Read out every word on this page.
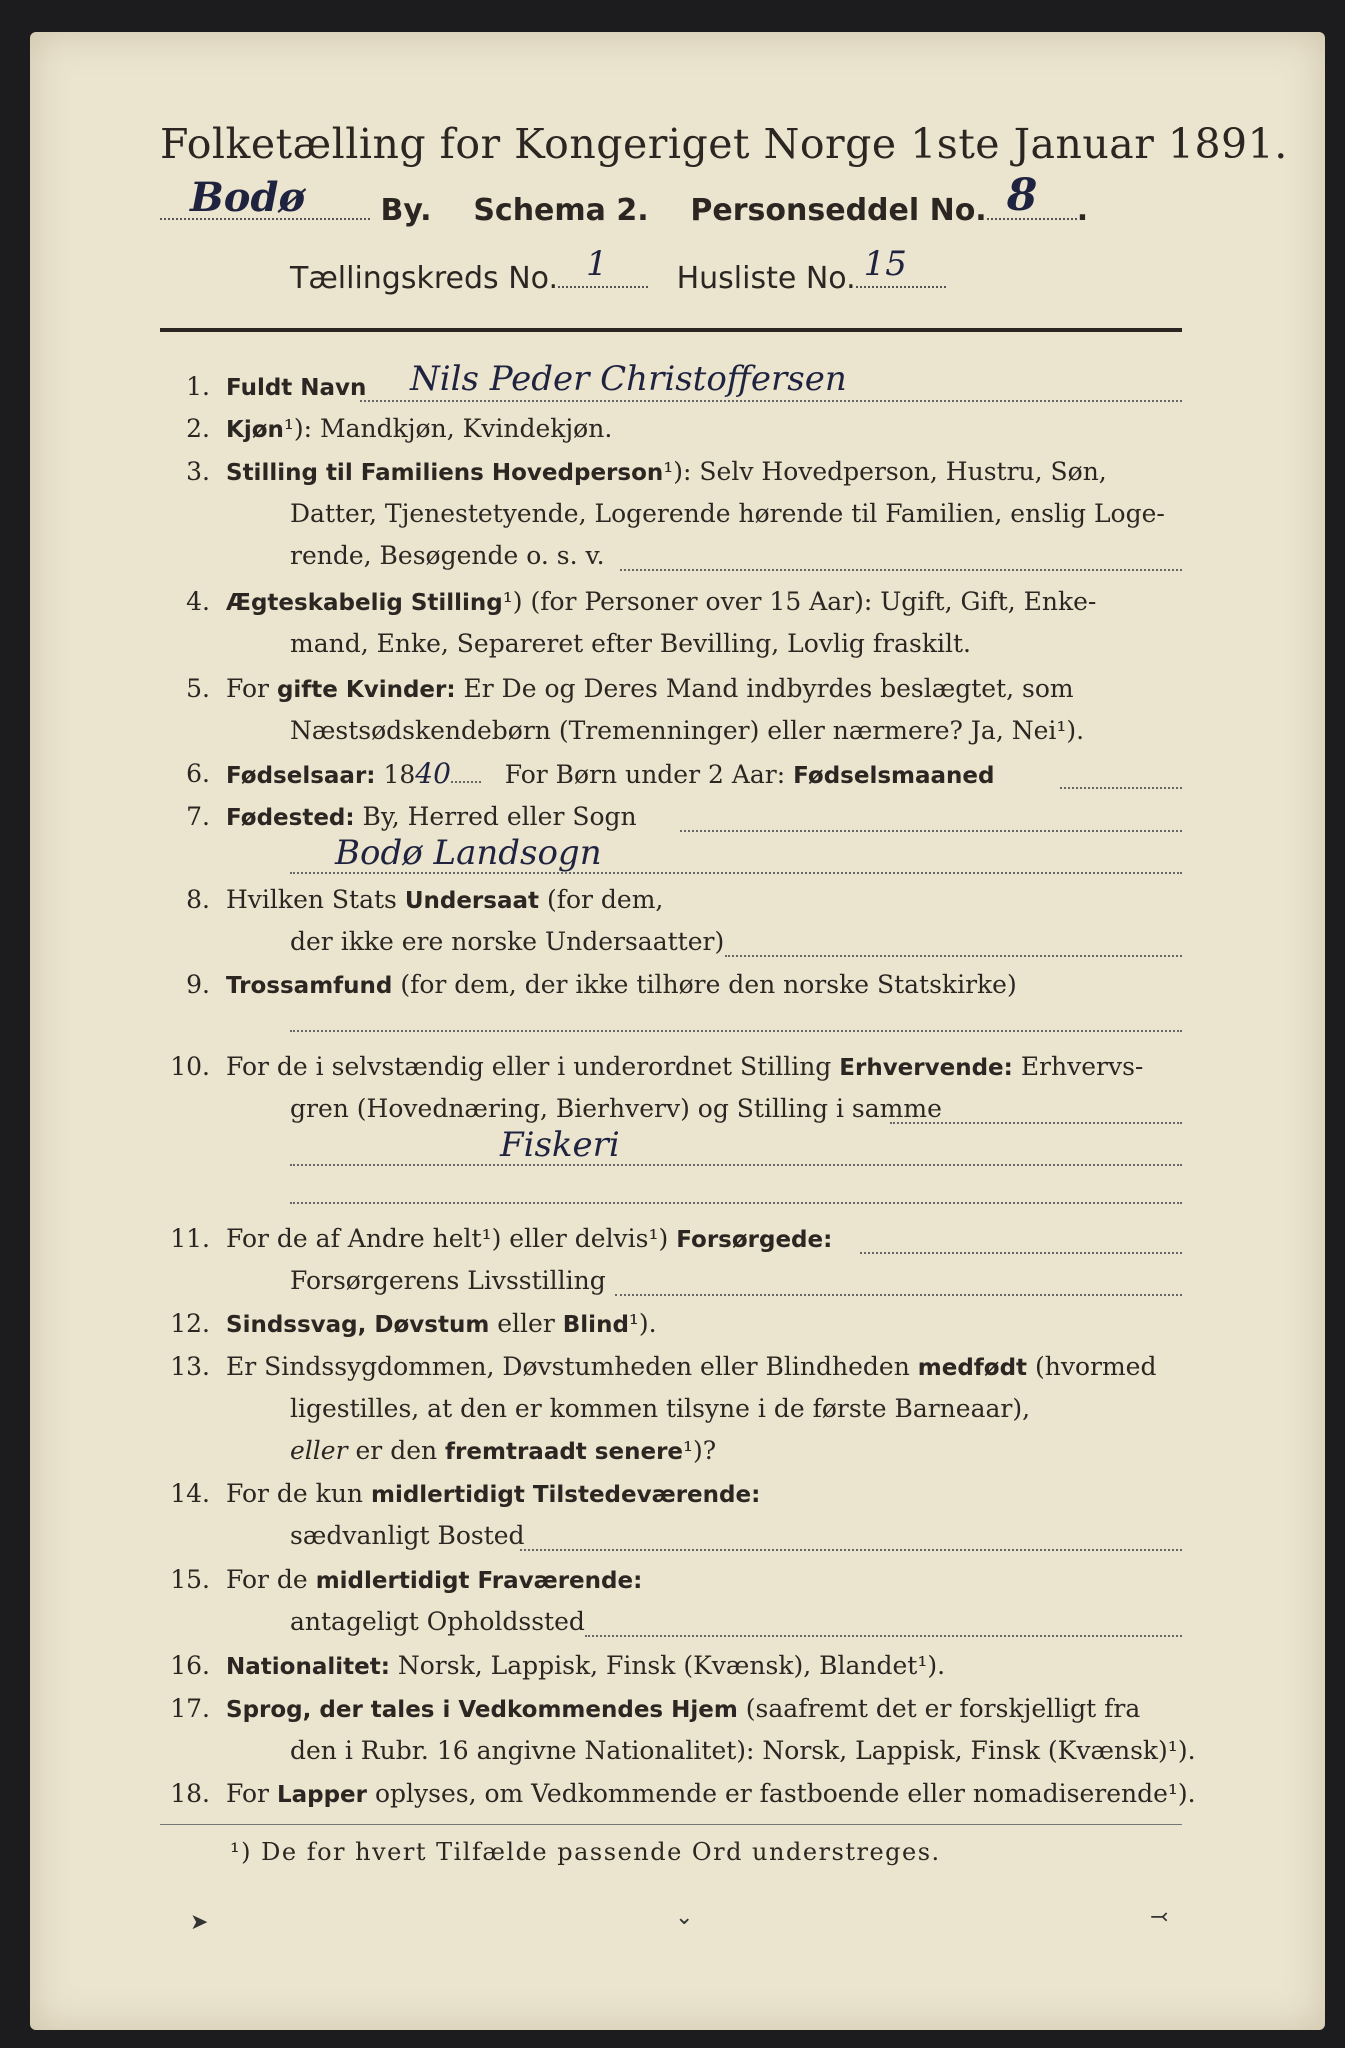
Folketælling for Kongeriget Norge 1ste Januar 1891.
Bodø	By. Schema 2. Personseddel No. 8 .
Tællingskreds No. 1 Husliste No. 15
1. Fuldt Navn Nils Peder Christoffersen
2. Kjøn¹): Mandkjøn, Kvindekjøn.
3. Stilling til Familiens Hovedperson¹): Selv Hovedperson, Hustru, Søn,
Datter, Tjenestetyende, Logerende hørende til Familien, enslig Loge-
rende, Besøgende o. s. v.
4. Ægteskabelig Stilling¹) (for Personer over 15 Aar): Ugift, Gift, Enke-
mand, Enke, Separeret efter Bevilling, Lovlig fraskilt.
5. For gifte Kvinder: Er De og Deres Mand indbyrdes beslægtet, som
Næstsødskendebørn (Tremenninger) eller nærmere? Ja, Nei¹).
6. Fødselsaar: 1840 For Børn under 2 Aar: Fødselsmaaned
7. Fødested: By, Herred eller Sogn
Bodø Landsogn
8. Hvilken Stats Undersaat (for dem,
der ikke ere norske Undersaatter)
9. Trossamfund (for dem, der ikke tilhøre den norske Statskirke)
10. For de i selvstændig eller i underordnet Stilling Erhvervende: Erhvervs-
gren (Hovednæring, Bierhverv) og Stilling i samme
Fiskeri
11. For de af Andre helt¹) eller delvis¹) Forsørgede:
Forsørgerens Livsstilling
12. Sindssvag, Døvstum eller Blind¹).
13. Er Sindssygdommen, Døvstumheden eller Blindheden medfødt (hvormed
ligestilles, at den er kommen tilsyne i de første Barneaar),
eller er den fremtraadt senere¹)?
14. For de kun midlertidigt Tilstedeværende:
sædvanligt Bosted
15. For de midlertidigt Fraværende:
antageligt Opholdssted
16. Nationalitet: Norsk, Lappisk, Finsk (Kvænsk), Blandet¹).
17. Sprog, der tales i Vedkommendes Hjem (saafremt det er forskjelligt fra
den i Rubr. 16 angivne Nationalitet): Norsk, Lappisk, Finsk (Kvænsk)¹).
18. For Lapper oplyses, om Vedkommende er fastboende eller nomadiserende¹).
¹) De for hvert Tilfælde passende Ord understreges.
➤	⌄	⤙
